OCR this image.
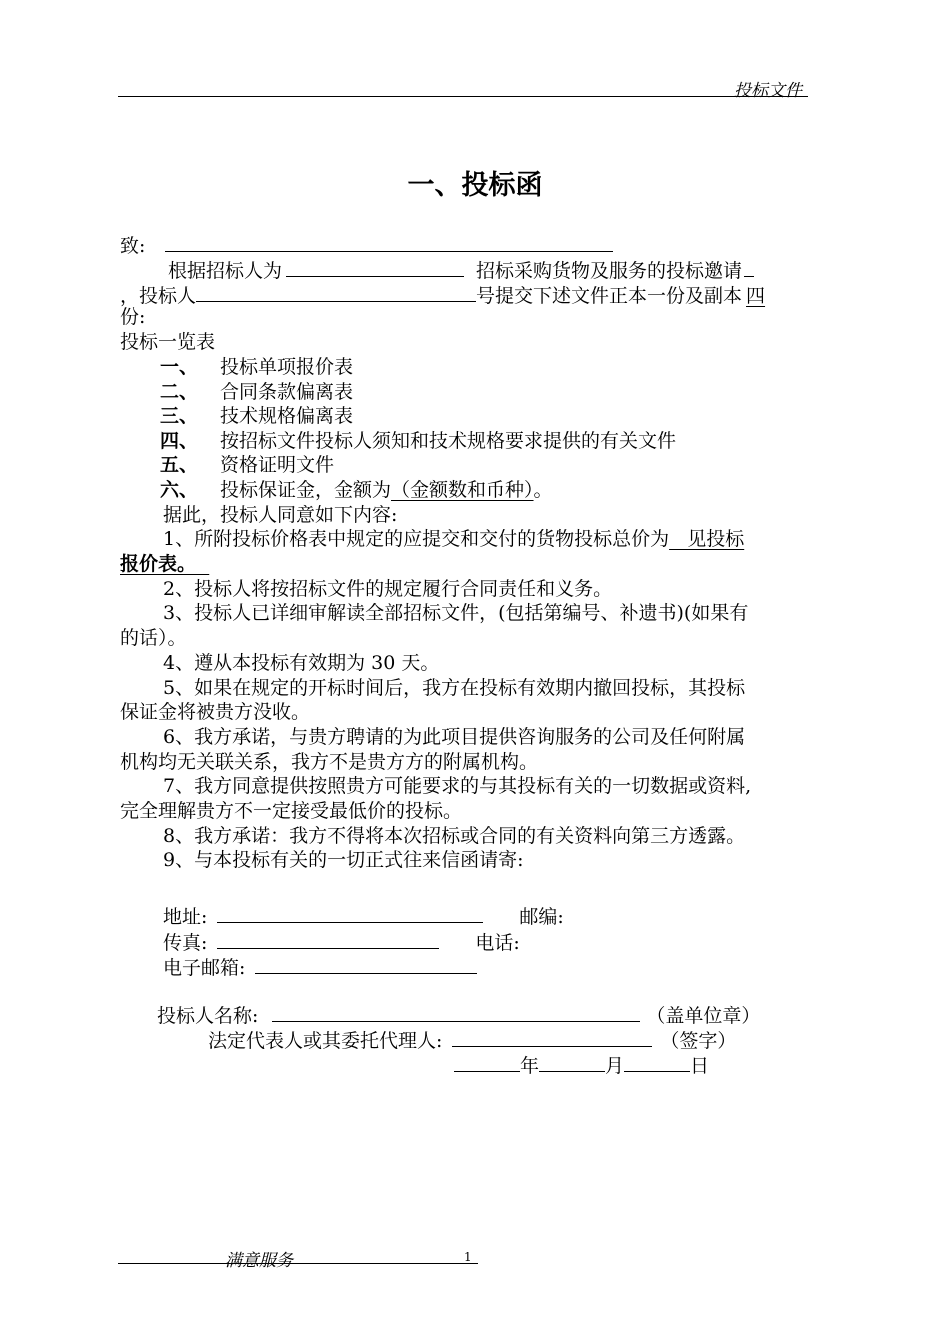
投标文件
一、投标函
致:
根据招标人为	招标采购货物及服务的投标邀请
，投标人	号提交下述文件正本一份及副本 四
份:
投标一览表
一、 投标单项报价表
二、 合同条款偏离表
三、 技术规格偏离表
四、 按招标文件投标人须知和技术规格要求提供的有关文件
五、 资格证明文件
六、 投标保证金，金额为（金额数和币种）。
据此，投标人同意如下内容:
1、所附投标价格表中规定的应提交和交付的货物投标总价为   见投标
报价表。
2、投标人将按招标文件的规定履行合同责任和义务。
3、投标人已详细审解读全部招标文件，(包括第编号、补遗书)(如果有
的话）。
4、遵从本投标有效期为 30 天。
5、如果在规定的开标时间后，我方在投标有效期内撤回投标，其投标
保证金将被贵方没收。
6、我方承诺，与贵方聘请的为此项目提供咨询服务的公司及任何附属
机构均无关联关系，我方不是贵方方的附属机构。
7、我方同意提供按照贵方可能要求的与其投标有关的一切数据或资料,
完全理解贵方不一定接受最低价的投标。
8、我方承诺：我方不得将本次招标或合同的有关资料向第三方透露。
9、与本投标有关的一切正式往来信函请寄:
地址:	邮编:
传真:	电话:
电子邮箱:
投标人名称:	（盖单位章）
法定代表人或其委托代理人:	（签字）
年	月	日
满意服务	1
